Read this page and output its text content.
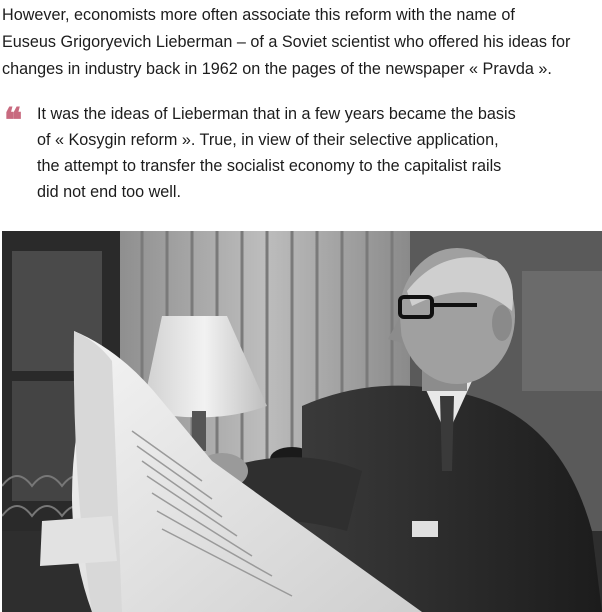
However, economists more often associate this reform with the name of
Euseus Grigoryevich Lieberman – of a Soviet scientist who offered his ideas for
changes in industry back in 1962 on the pages of the newspaper « Pravda ».

❝ It was the ideas of Lieberman that in a few years became the basis
of « Kosygin reform ». True, in view of their selective application,
the attempt to transfer the socialist economy to the capitalist rails
did not end too well.
